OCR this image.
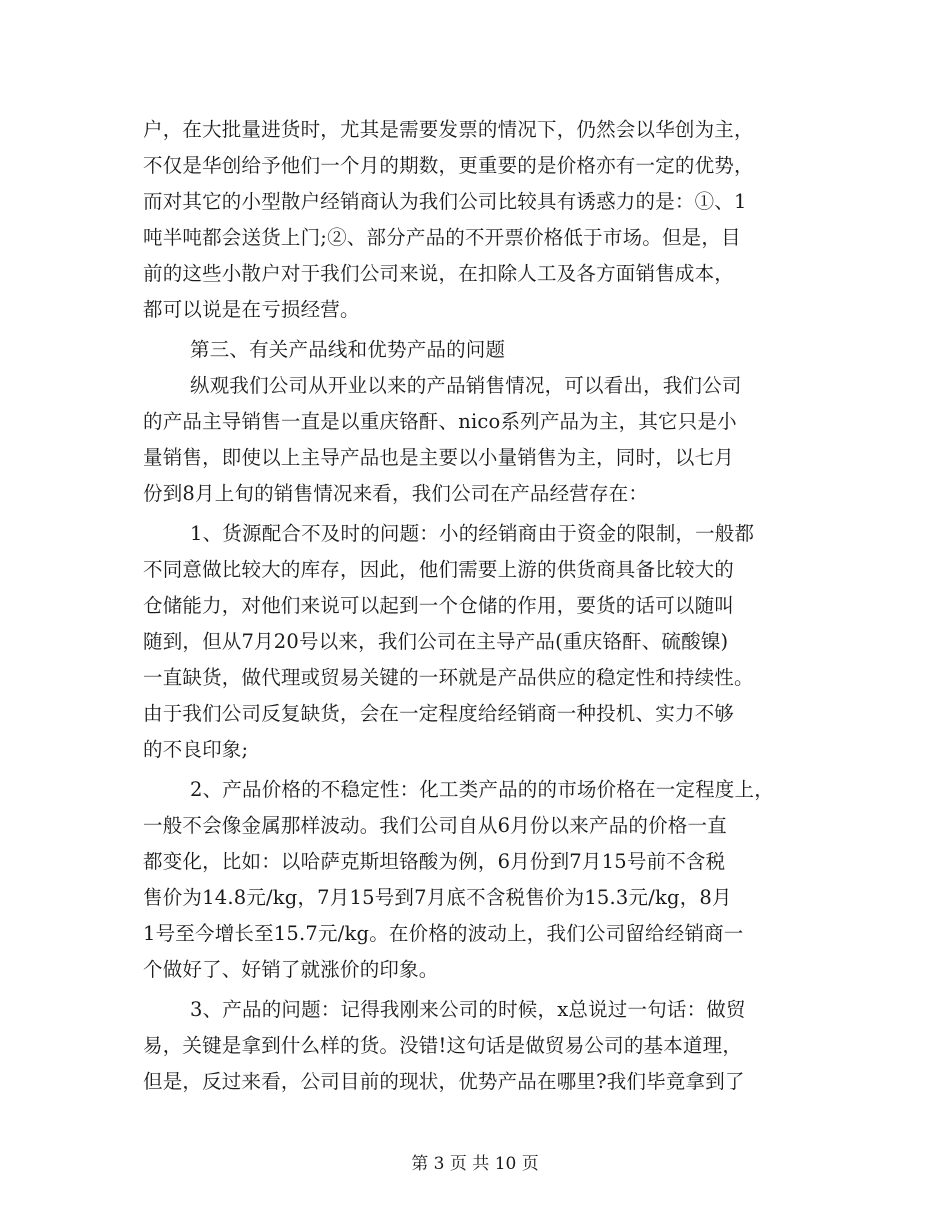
户，在大批量进货时，尤其是需要发票的情况下，仍然会以华创为主，
不仅是华创给予他们一个月的期数，更重要的是价格亦有一定的优势，
而对其它的小型散户经销商认为我们公司比较具有诱惑力的是：①、1
吨半吨都会送货上门;②、部分产品的不开票价格低于市场。但是，目
前的这些小散户对于我们公司来说，在扣除人工及各方面销售成本，
都可以说是在亏损经营。
第三、有关产品线和优势产品的问题
纵观我们公司从开业以来的产品销售情况，可以看出，我们公司
的产品主导销售一直是以重庆铬酐、nico系列产品为主，其它只是小
量销售，即使以上主导产品也是主要以小量销售为主，同时，以七月
份到8月上旬的销售情况来看，我们公司在产品经营存在：
1、货源配合不及时的问题：小的经销商由于资金的限制，一般都
不同意做比较大的库存，因此，他们需要上游的供货商具备比较大的
仓储能力，对他们来说可以起到一个仓储的作用，要货的话可以随叫
随到，但从7月20号以来，我们公司在主导产品(重庆铬酐、硫酸镍)
一直缺货，做代理或贸易关键的一环就是产品供应的稳定性和持续性。
由于我们公司反复缺货，会在一定程度给经销商一种投机、实力不够
的不良印象;
2、产品价格的不稳定性：化工类产品的的市场价格在一定程度上，
一般不会像金属那样波动。我们公司自从6月份以来产品的价格一直
都变化，比如：以哈萨克斯坦铬酸为例，6月份到7月15号前不含税
售价为14.8元/kg，7月15号到7月底不含税售价为15.3元/kg，8月
1号至今增长至15.7元/kg。在价格的波动上，我们公司留给经销商一
个做好了、好销了就涨价的印象。
3、产品的问题：记得我刚来公司的时候，x总说过一句话：做贸
易，关键是拿到什么样的货。没错!这句话是做贸易公司的基本道理，
但是，反过来看，公司目前的现状，优势产品在哪里?我们毕竟拿到了
第 3 页 共 10 页
